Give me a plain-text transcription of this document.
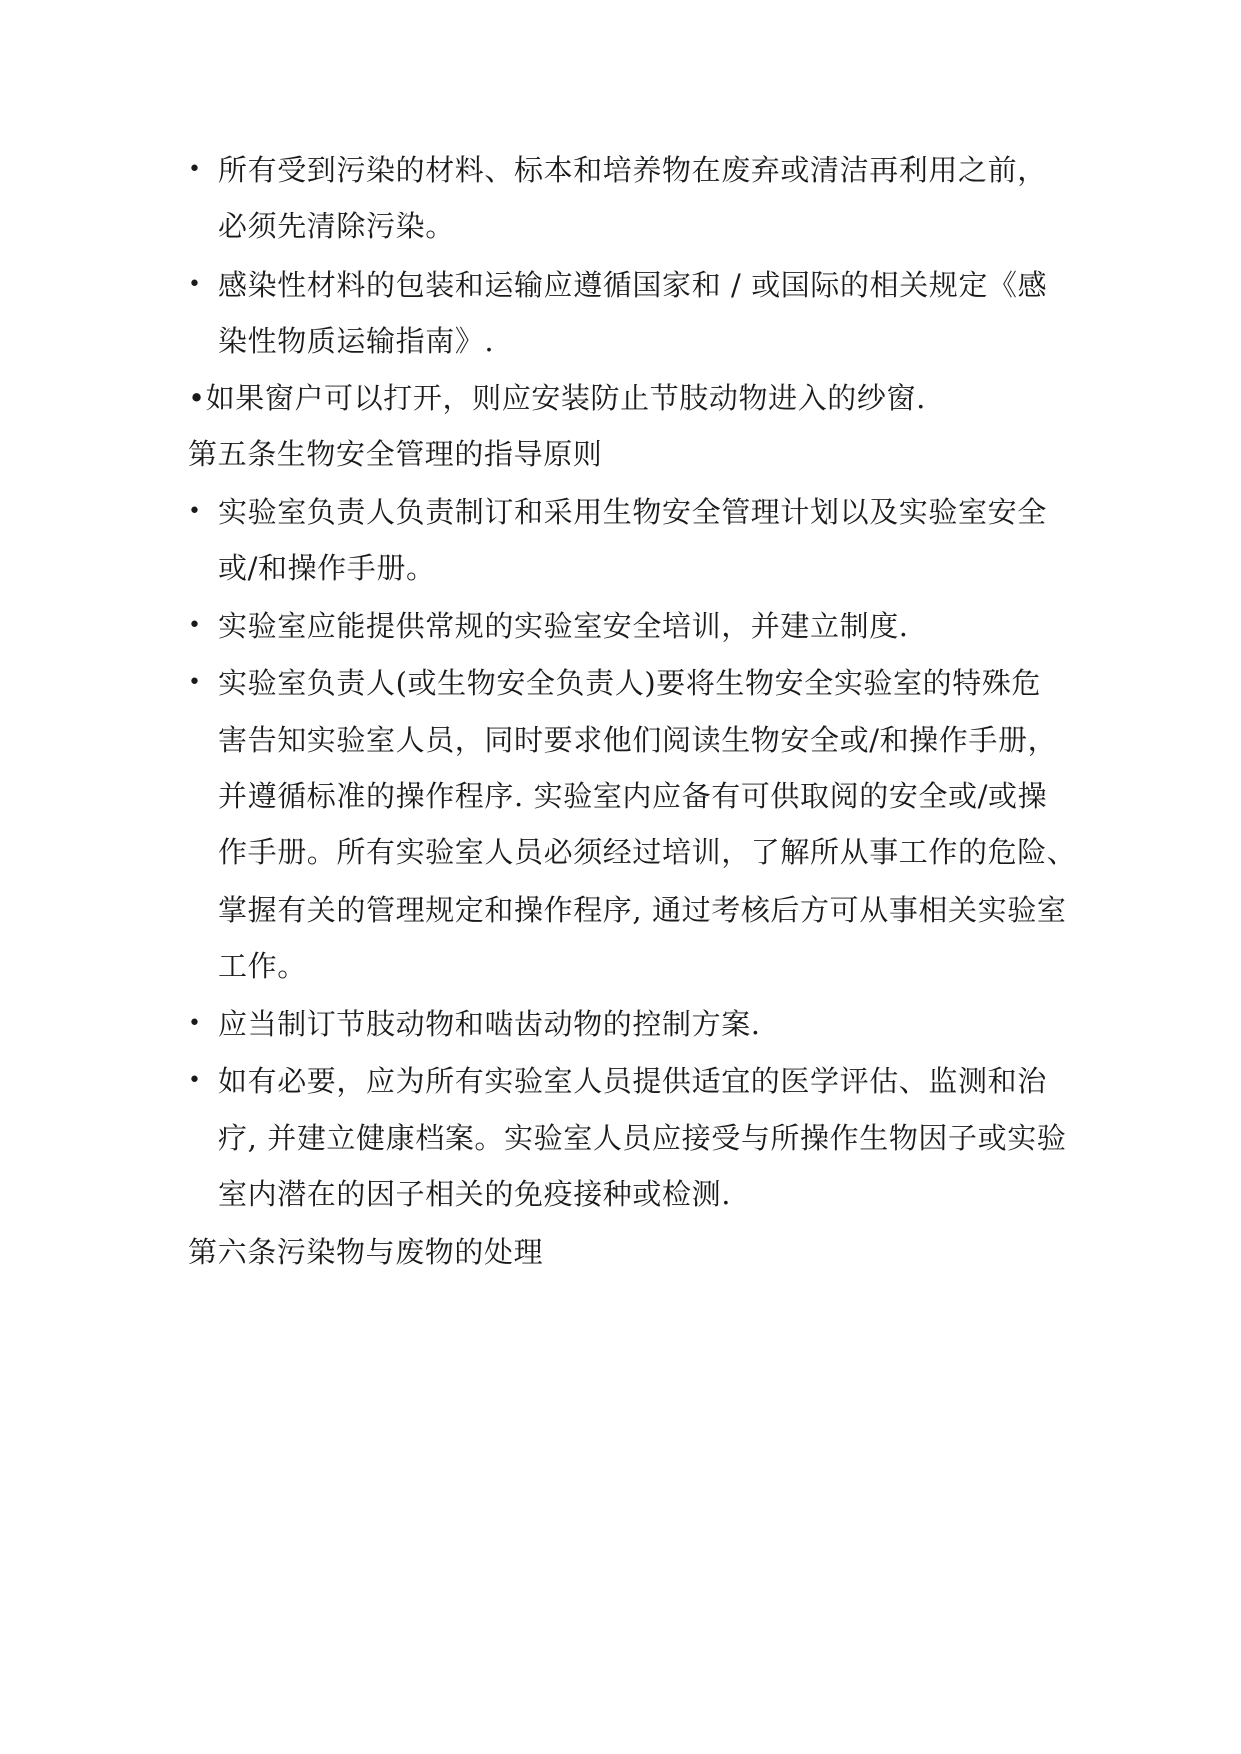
• 所有受到污染的材料、标本和培养物在废弃或清洁再利用之前，
必须先清除污染。
• 感染性材料的包装和运输应遵循国家和 / 或国际的相关规定《感
染性物质运输指南》.
•如果窗户可以打开，则应安装防止节肢动物进入的纱窗.
第五条生物安全管理的指导原则
• 实验室负责人负责制订和采用生物安全管理计划以及实验室安全
或/和操作手册。
• 实验室应能提供常规的实验室安全培训，并建立制度.
• 实验室负责人(或生物安全负责人)要将生物安全实验室的特殊危
害告知实验室人员，同时要求他们阅读生物安全或/和操作手册，
并遵循标准的操作程序. 实验室内应备有可供取阅的安全或/或操
作手册。所有实验室人员必须经过培训，了解所从事工作的危险、
掌握有关的管理规定和操作程序, 通过考核后方可从事相关实验室
工作。
• 应当制订节肢动物和啮齿动物的控制方案.
• 如有必要，应为所有实验室人员提供适宜的医学评估、监测和治
疗, 并建立健康档案。实验室人员应接受与所操作生物因子或实验
室内潜在的因子相关的免疫接种或检测.
第六条污染物与废物的处理
